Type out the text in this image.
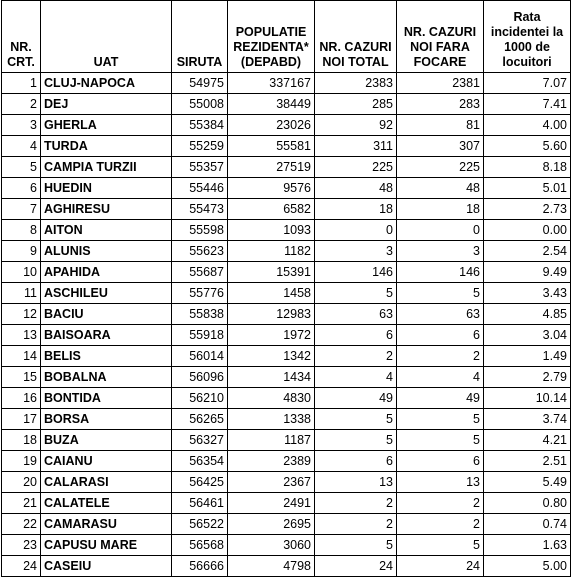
NR. CRT.	UAT	SIRUTA	POPULATIE REZIDENTA* (DEPABD)	NR. CAZURI NOI TOTAL	NR. CAZURI NOI FARA FOCARE	Rata incidentei la 1000 de locuitori
1	CLUJ-NAPOCA	54975	337167	2383	2381	7.07
2	DEJ	55008	38449	285	283	7.41
3	GHERLA	55384	23026	92	81	4.00
4	TURDA	55259	55581	311	307	5.60
5	CAMPIA TURZII	55357	27519	225	225	8.18
6	HUEDIN	55446	9576	48	48	5.01
7	AGHIRESU	55473	6582	18	18	2.73
8	AITON	55598	1093	0	0	0.00
9	ALUNIS	55623	1182	3	3	2.54
10	APAHIDA	55687	15391	146	146	9.49
11	ASCHILEU	55776	1458	5	5	3.43
12	BACIU	55838	12983	63	63	4.85
13	BAISOARA	55918	1972	6	6	3.04
14	BELIS	56014	1342	2	2	1.49
15	BOBALNA	56096	1434	4	4	2.79
16	BONTIDA	56210	4830	49	49	10.14
17	BORSA	56265	1338	5	5	3.74
18	BUZA	56327	1187	5	5	4.21
19	CAIANU	56354	2389	6	6	2.51
20	CALARASI	56425	2367	13	13	5.49
21	CALATELE	56461	2491	2	2	0.80
22	CAMARASU	56522	2695	2	2	0.74
23	CAPUSU MARE	56568	3060	5	5	1.63
24	CASEIU	56666	4798	24	24	5.00
